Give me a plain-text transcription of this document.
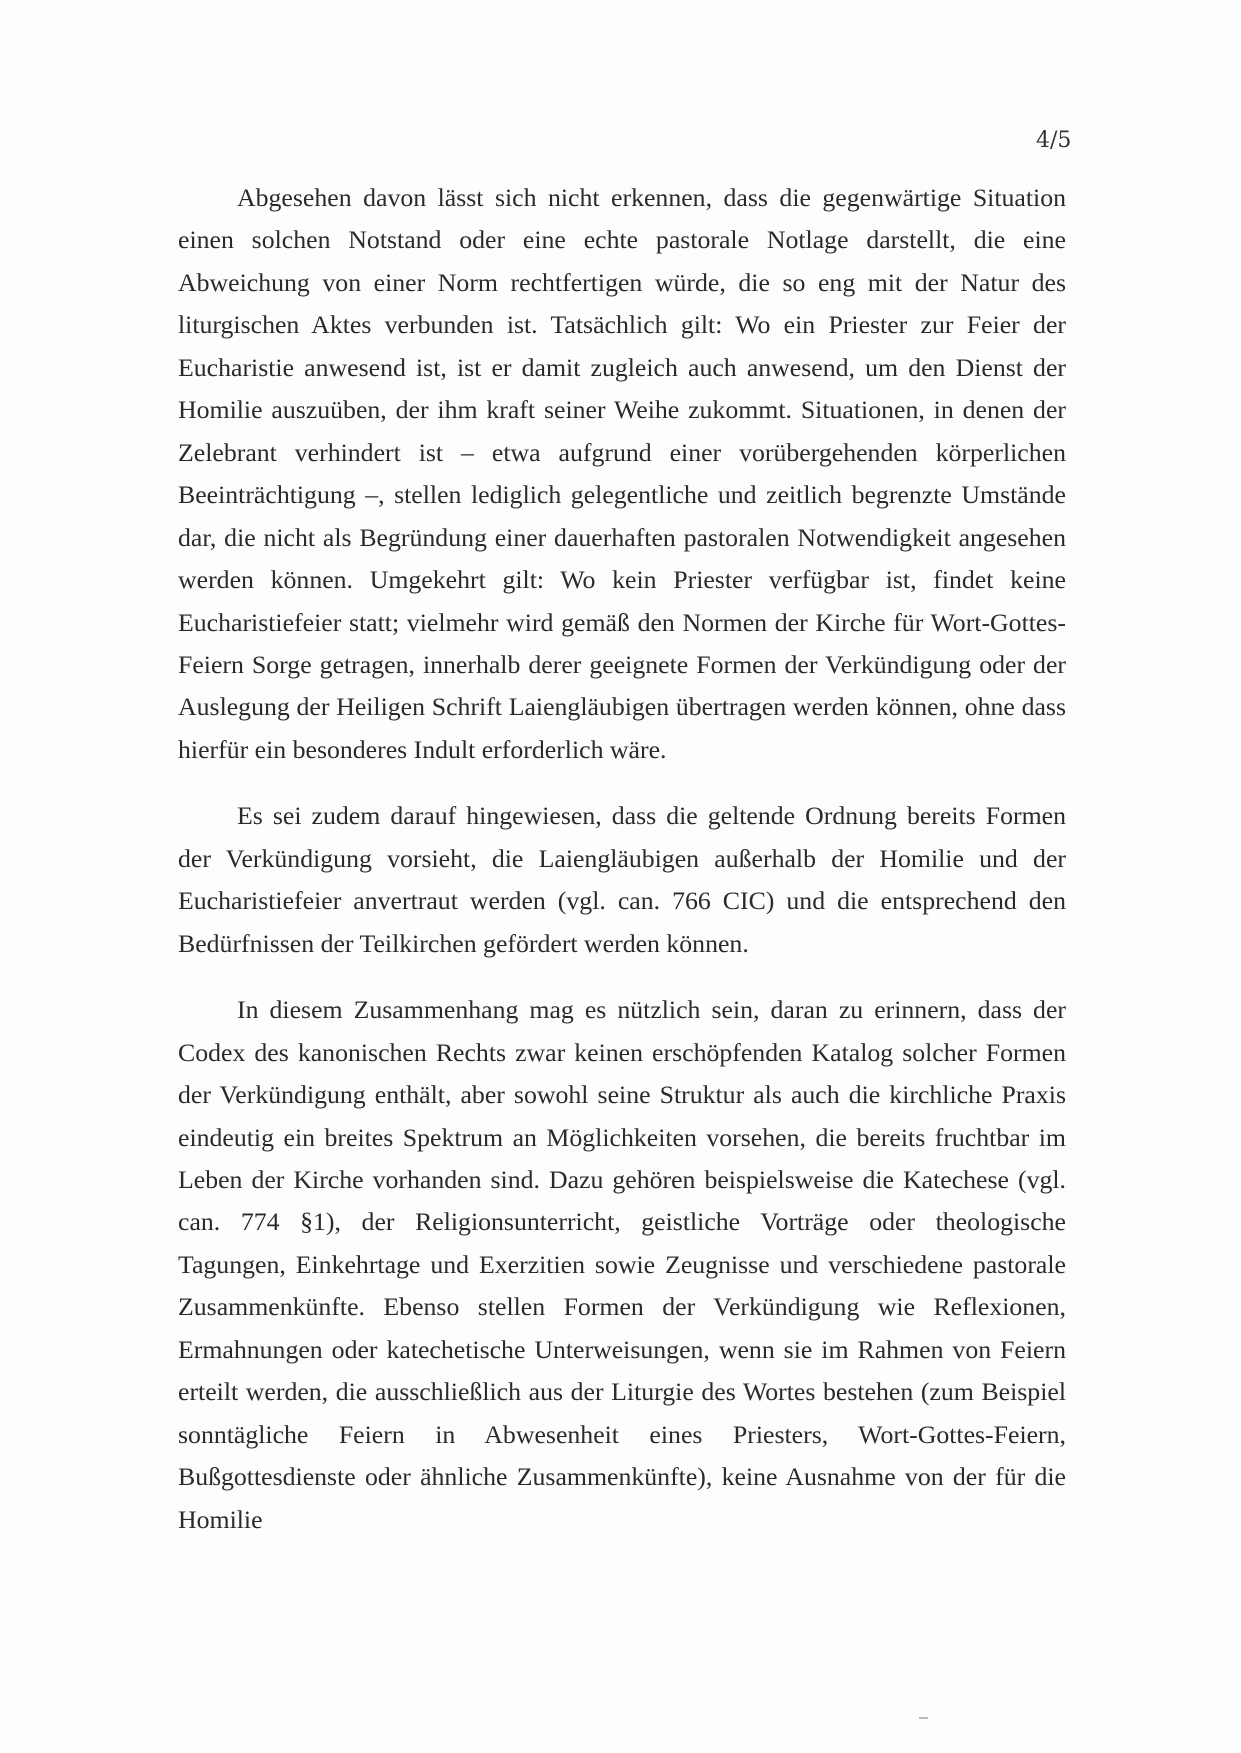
4/5

Abgesehen davon lässt sich nicht erkennen, dass die gegenwärtige Situation einen solchen Notstand oder eine echte pastorale Notlage darstellt, die eine Abweichung von einer Norm rechtfertigen würde, die so eng mit der Natur des liturgischen Aktes verbunden ist. Tatsächlich gilt: Wo ein Priester zur Feier der Eucharistie anwesend ist, ist er damit zugleich auch anwesend, um den Dienst der Homilie auszuüben, der ihm kraft seiner Weihe zukommt. Situationen, in denen der Zelebrant verhindert ist – etwa aufgrund einer vorübergehenden körperlichen Beeinträchtigung –, stellen lediglich gelegentliche und zeitlich begrenzte Umstände dar, die nicht als Begründung einer dauerhaften pastoralen Notwendigkeit angesehen werden können. Umgekehrt gilt: Wo kein Priester verfügbar ist, findet keine Eucharistiefeier statt; vielmehr wird gemäß den Normen der Kirche für Wort-Gottes-Feiern Sorge getragen, innerhalb derer geeignete Formen der Verkündigung oder der Auslegung der Heiligen Schrift Laiengläubigen übertragen werden können, ohne dass hierfür ein besonderes Indult erforderlich wäre.

Es sei zudem darauf hingewiesen, dass die geltende Ordnung bereits Formen der Verkündigung vorsieht, die Laiengläubigen außerhalb der Homilie und der Eucharistiefeier anvertraut werden (vgl. can. 766 CIC) und die entsprechend den Bedürfnissen der Teilkirchen gefördert werden können.

In diesem Zusammenhang mag es nützlich sein, daran zu erinnern, dass der Codex des kanonischen Rechts zwar keinen erschöpfenden Katalog solcher Formen der Verkündigung enthält, aber sowohl seine Struktur als auch die kirchliche Praxis eindeutig ein breites Spektrum an Möglichkeiten vorsehen, die bereits fruchtbar im Leben der Kirche vorhanden sind. Dazu gehören beispielsweise die Katechese (vgl. can. 774 §1), der Religionsunterricht, geistliche Vorträge oder theologische Tagungen, Einkehrtage und Exerzitien sowie Zeugnisse und verschiedene pastorale Zusammenkünfte. Ebenso stellen Formen der Verkündigung wie Reflexionen, Ermahnungen oder katechetische Unterweisungen, wenn sie im Rahmen von Feiern erteilt werden, die ausschließlich aus der Liturgie des Wortes bestehen (zum Beispiel sonntägliche Feiern in Abwesenheit eines Priesters, Wort-Gottes-Feiern, Bußgottesdienste oder ähnliche Zusammenkünfte), keine Ausnahme von der für die Homilie
